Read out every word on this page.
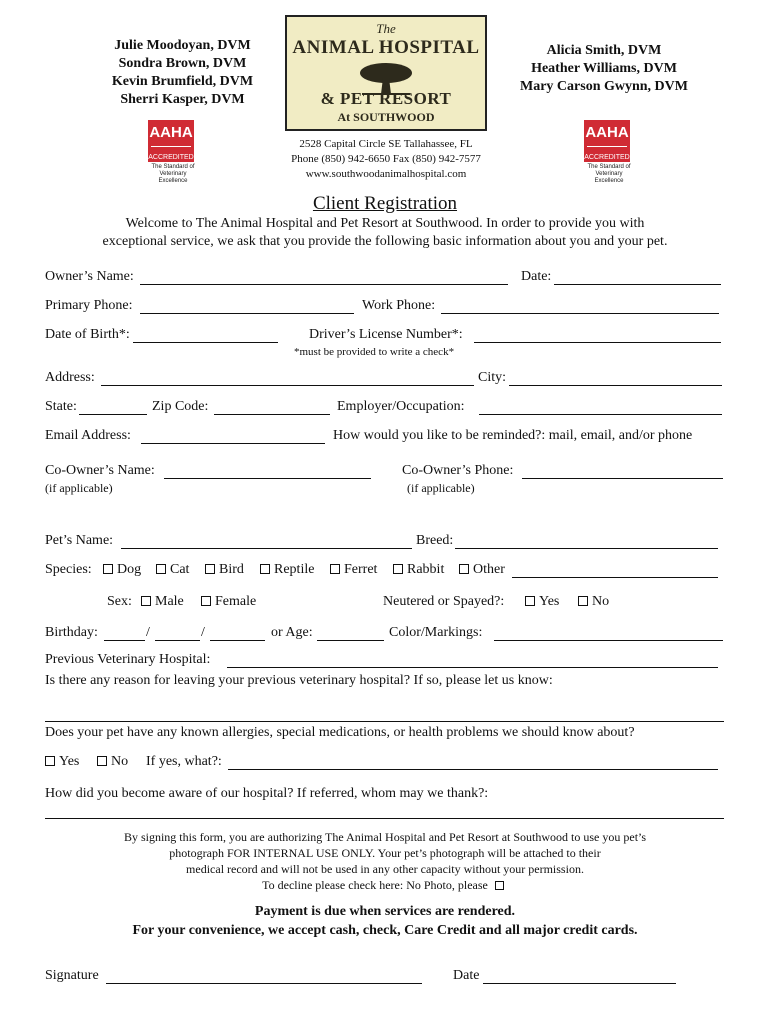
Julie Moodoyan, DVM
Sondra Brown, DVM
Kevin Brumfield, DVM
Sherri Kasper, DVM
Alicia Smith, DVM
Heather Williams, DVM
Mary Carson Gwynn, DVM
AAHA
ACCREDITED
The Standard of Veterinary Excellence
AAHA
ACCREDITED
The Standard of Veterinary Excellence
The
ANIMAL HOSPITAL
& PET RESORT
At SOUTHWOOD
2528 Capital Circle SE Tallahassee, FL
Phone (850) 942-6650 Fax (850) 942-7577
www.southwoodanimalhospital.com
Client Registration
Welcome to The Animal Hospital and Pet Resort at Southwood. In order to provide you with
exceptional service, we ask that you provide the following basic information about you and your pet.
Owner’s Name:	Date:
Primary Phone:	Work Phone:
Date of Birth*:	Driver’s License Number*:
*must be provided to write a check*
Address:	City:
State:	Zip Code:	Employer/Occupation:
Email Address:	How would you like to be reminded?: mail, email, and/or phone
Co-Owner’s Name:	Co-Owner’s Phone:
(if applicable)	(if applicable)
Pet’s Name:	Breed:
Species:	Dog	Cat	Bird	Reptile	Ferret	Rabbit	Other
Sex:	Male	Female	Neutered or Spayed?:	Yes	No
Birthday:	/	/	or Age:	Color/Markings:
Previous Veterinary Hospital:
Is there any reason for leaving your previous veterinary hospital? If so, please let us know:
Does your pet have any known allergies, special medications, or health problems we should know about?
Yes	No If yes, what?:
How did you become aware of our hospital? If referred, whom may we thank?:
By signing this form, you are authorizing The Animal Hospital and Pet Resort at Southwood to use you pet’s
photograph FOR INTERNAL USE ONLY. Your pet’s photograph will be attached to their
medical record and will not be used in any other capacity without your permission.
To decline please check here: No Photo, please
Payment is due when services are rendered.
For your convenience, we accept cash, check, Care Credit and all major credit cards.
Signature	Date
